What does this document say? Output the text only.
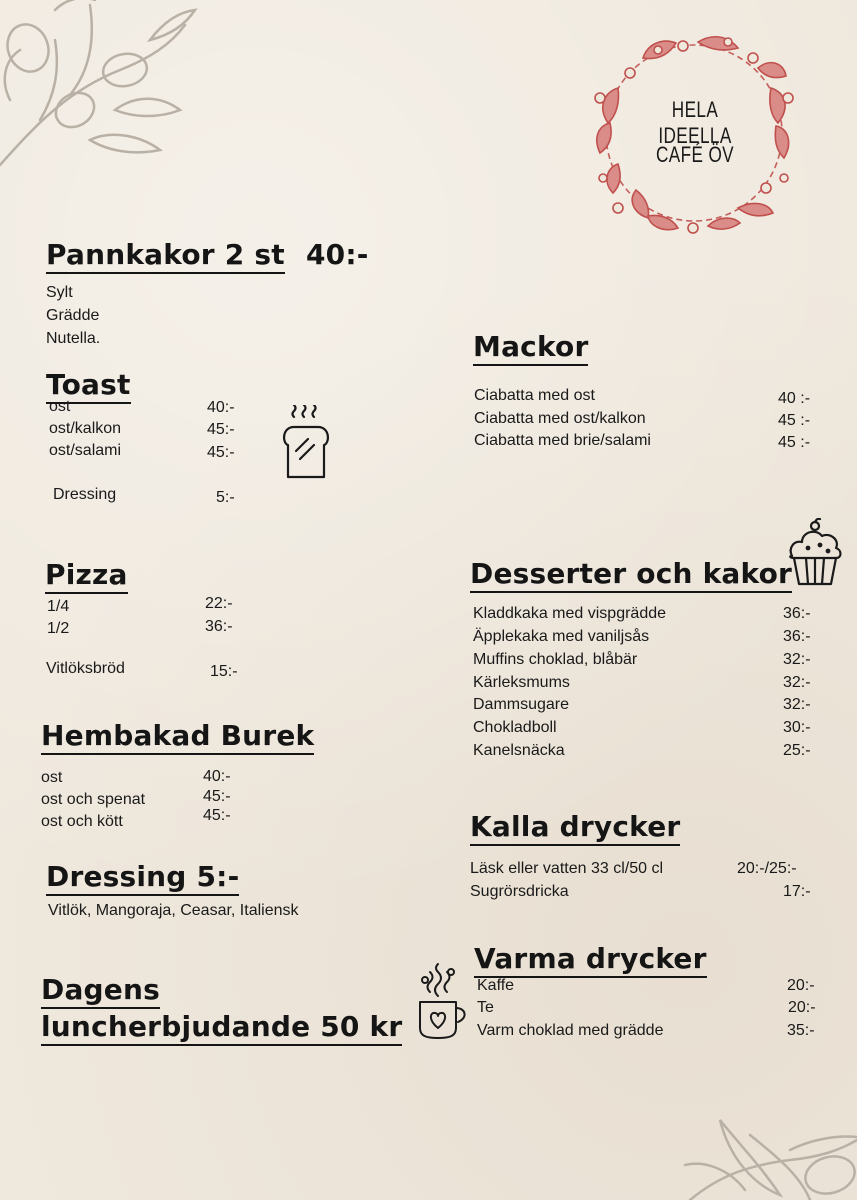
HELA IDEELLA
CAFÉ ÖV
Pannkakor 2 st 40:-
Sylt
Grädde
Nutella.
Toast
ost	40:-
ost/kalkon	45:-
ost/salami	45:-
Dressing	5:-
Pizza
1/4	22:-
1/2	36:-
Vitlöksbröd	15:-
Hembakad Burek
ost	40:-
ost och spenat	45:-
ost och kött	45:-
Dressing 5:-
Vitlök, Mangoraja, Ceasar, Italiensk
Dagens
luncherbjudande 50 kr
Mackor
Ciabatta med ost	40 :-
Ciabatta med ost/kalkon	45 :-
Ciabatta med brie/salami	45 :-
Desserter och kakor
Kladdkaka med vispgrädde	36:-
Äpplekaka med vaniljsås	36:-
Muffins choklad, blåbär	32:-
Kärleksmums	32:-
Dammsugare	32:-
Chokladboll	30:-
Kanelsnäcka	25:-
Kalla drycker
Läsk eller vatten 33 cl/50 cl	20:-/25:-
Sugrörsdricka	17:-
Varma drycker
Kaffe	20:-
Te	20:-
Varm choklad med grädde	35:-
